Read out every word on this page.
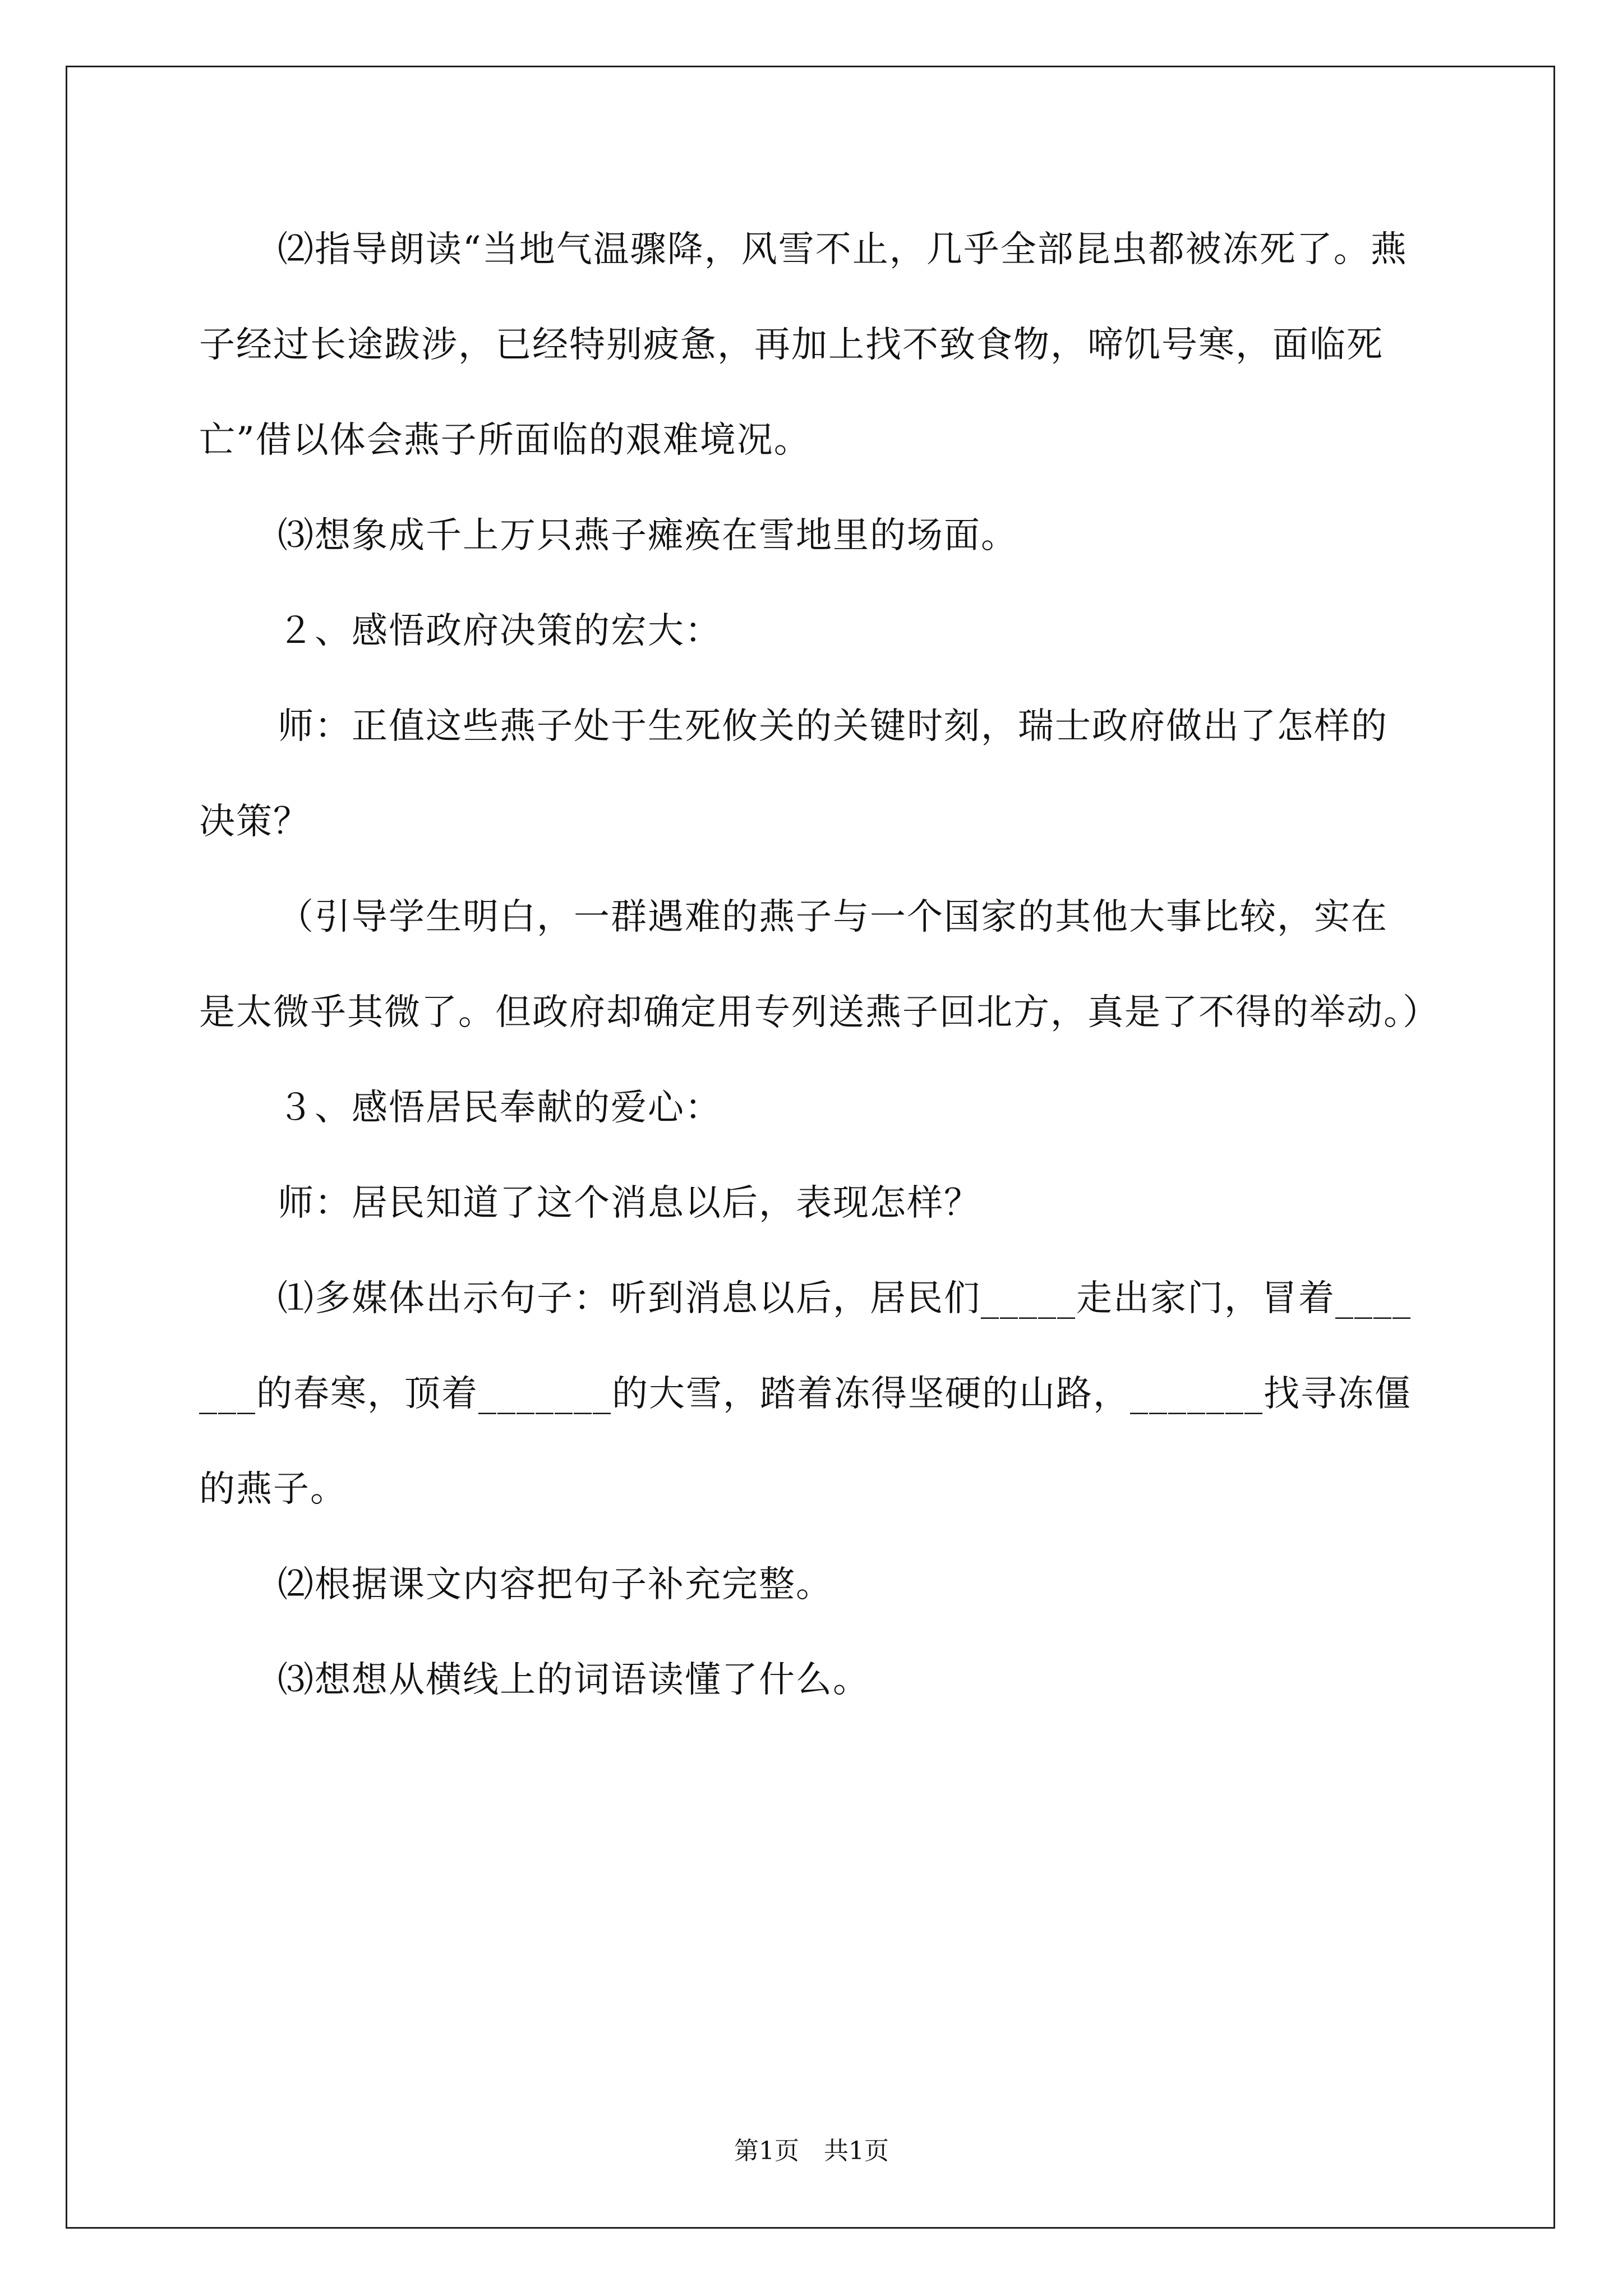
⑵指导朗读“当地气温骤降，风雪不止，几乎全部昆虫都被冻死了。燕子经过长途跋涉，已经特别疲惫，再加上找不致食物，啼饥号寒，面临死亡”借以体会燕子所面临的艰难境况。

⑶想象成千上万只燕子瘫痪在雪地里的场面。

２、感悟政府决策的宏大：

师：正值这些燕子处于生死攸关的关键时刻，瑞士政府做出了怎样的决策？

（引导学生明白，一群遇难的燕子与一个国家的其他大事比较，实在是太微乎其微了。但政府却确定用专列送燕子回北方，真是了不得的举动。）

３、感悟居民奉献的爱心：

师：居民知道了这个消息以后，表现怎样？

⑴多媒体出示句子：听到消息以后，居民们_____走出家门，冒着_______的春寒，顶着_______的大雪，踏着冻得坚硬的山路，_______找寻冻僵的燕子。

⑵根据课文内容把句子补充完整。

⑶想想从横线上的词语读懂了什么。

第1页　共1页
